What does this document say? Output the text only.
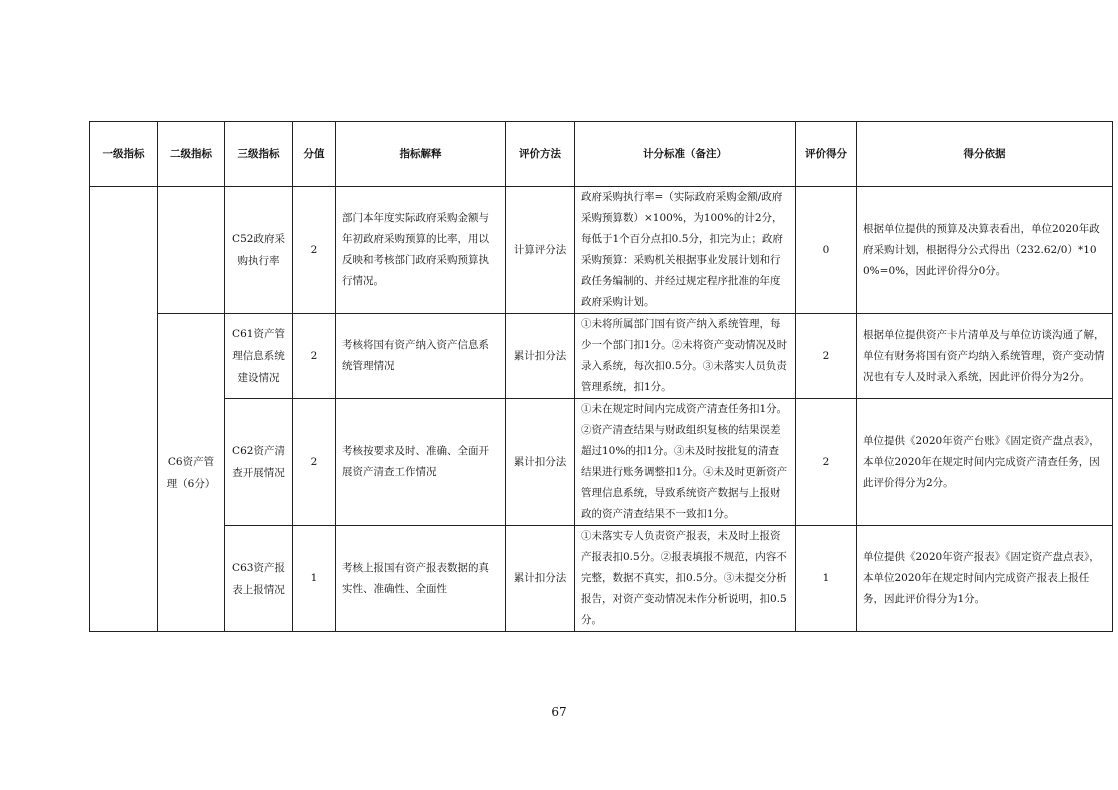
一级指标	二级指标	三级指标	分值	指标解释	评价方法	计分标准（备注）	评价得分	得分依据
		C52政府采购执行率	2	部门本年度实际政府采购金额与年初政府采购预算的比率，用以反映和考核部门政府采购预算执行情况。	计算评分法	政府采购执行率=（实际政府采购金额/政府采购预算数）×100%，为100%的计2分，每低于1个百分点扣0.5分，扣完为止；政府采购预算：采购机关根据事业发展计划和行政任务编制的、并经过规定程序批准的年度政府采购计划。	0	根据单位提供的预算及决算表看出，单位2020年政府采购计划，根据得分公式得出（232.62/0）*100%=0%，因此评价得分0分。
	C6资产管理（6分）	C61资产管理信息系统建设情况	2	考核将国有资产纳入资产信息系统管理情况	累计扣分法	①未将所属部门国有资产纳入系统管理，每少一个部门扣1分。②未将资产变动情况及时录入系统，每次扣0.5分。③未落实人员负责管理系统，扣1分。	2	根据单位提供资产卡片清单及与单位访谈沟通了解，单位有财务将国有资产均纳入系统管理，资产变动情况也有专人及时录入系统，因此评价得分为2分。
		C62资产清查开展情况	2	考核按要求及时、准确、全面开展资产清查工作情况	累计扣分法	①未在规定时间内完成资产清查任务扣1分。②资产清查结果与财政组织复核的结果误差超过10%的扣1分。③未及时按批复的清查结果进行账务调整扣1分。④未及时更新资产管理信息系统，导致系统资产数据与上报财政的资产清查结果不一致扣1分。	2	单位提供《2020年资产台账》《固定资产盘点表》，本单位2020年在规定时间内完成资产清查任务，因此评价得分为2分。
		C63资产报表上报情况	1	考核上报国有资产报表数据的真实性、准确性、全面性	累计扣分法	①未落实专人负责资产报表，未及时上报资产报表扣0.5分。②报表填报不规范，内容不完整，数据不真实，扣0.5分。③未提交分析报告，对资产变动情况未作分析说明，扣0.5分。	1	单位提供《2020年资产报表》《固定资产盘点表》，本单位2020年在规定时间内完成资产报表上报任务，因此评价得分为1分。
67
